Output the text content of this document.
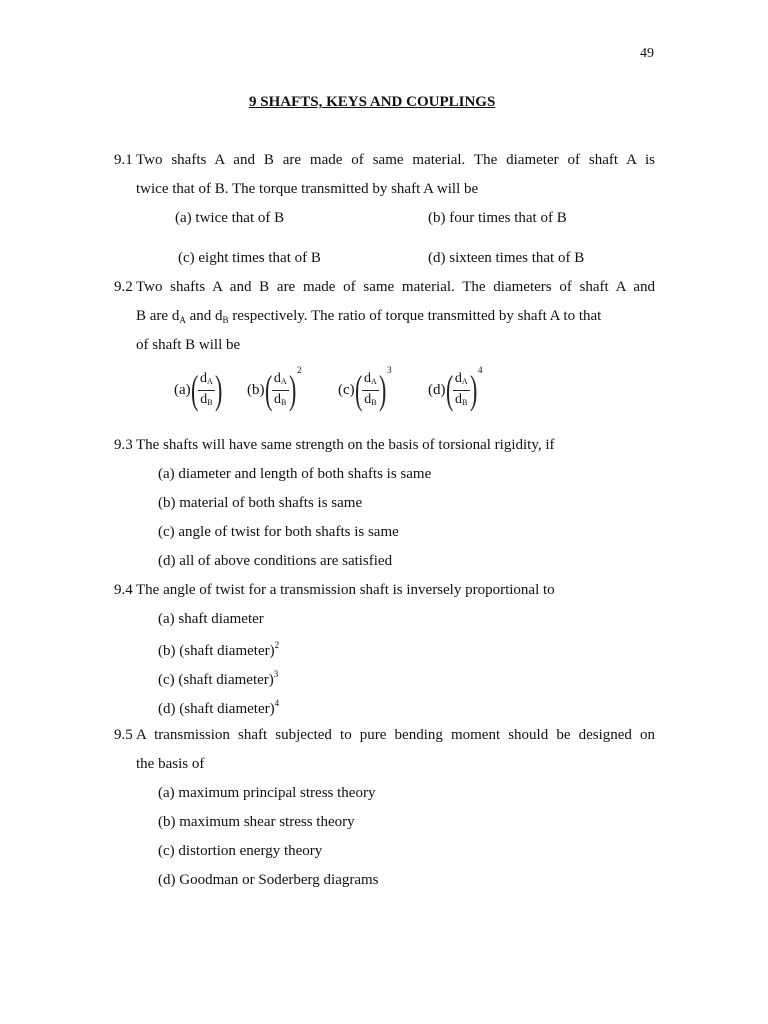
49
9 SHAFTS, KEYS AND COUPLINGS
9.1 Two shafts A and B are made of same material. The diameter of shaft A is
twice that of B. The torque transmitted by shaft A will be
(a) twice that of B	(b) four times that of B
(c) eight times that of B	(d) sixteen times that of B
9.2 Two shafts A and B are made of same material. The diameters of shaft A and
B are $d_A$ and $d_B$ respectively. The ratio of torque transmitted by shaft A to that
of shaft B will be
(a) ( $\frac{d_A}{d_B}$ ) (b) ( $\frac{d_A}{d_B}$ ) 2
(c) ( $\frac{d_A}{d_B}$ ) 3
(d) ( $\frac{d_A}{d_B}$ ) 4
9.3 The shafts will have same strength on the basis of torsional rigidity, if
(a) diameter and length of both shafts is same
(b) material of both shafts is same
(c) angle of twist for both shafts is same
(d) all of above conditions are satisfied
9.4 The angle of twist for a transmission shaft is inversely proportional to
(a) shaft diameter
(b) (shaft diameter)$^2$
(c) (shaft diameter)$^3$
(d) (shaft diameter)$^4$
9.5 A transmission shaft subjected to pure bending moment should be designed on
the basis of
(a) maximum principal stress theory
(b) maximum shear stress theory
(c) distortion energy theory
(d) Goodman or Soderberg diagrams
